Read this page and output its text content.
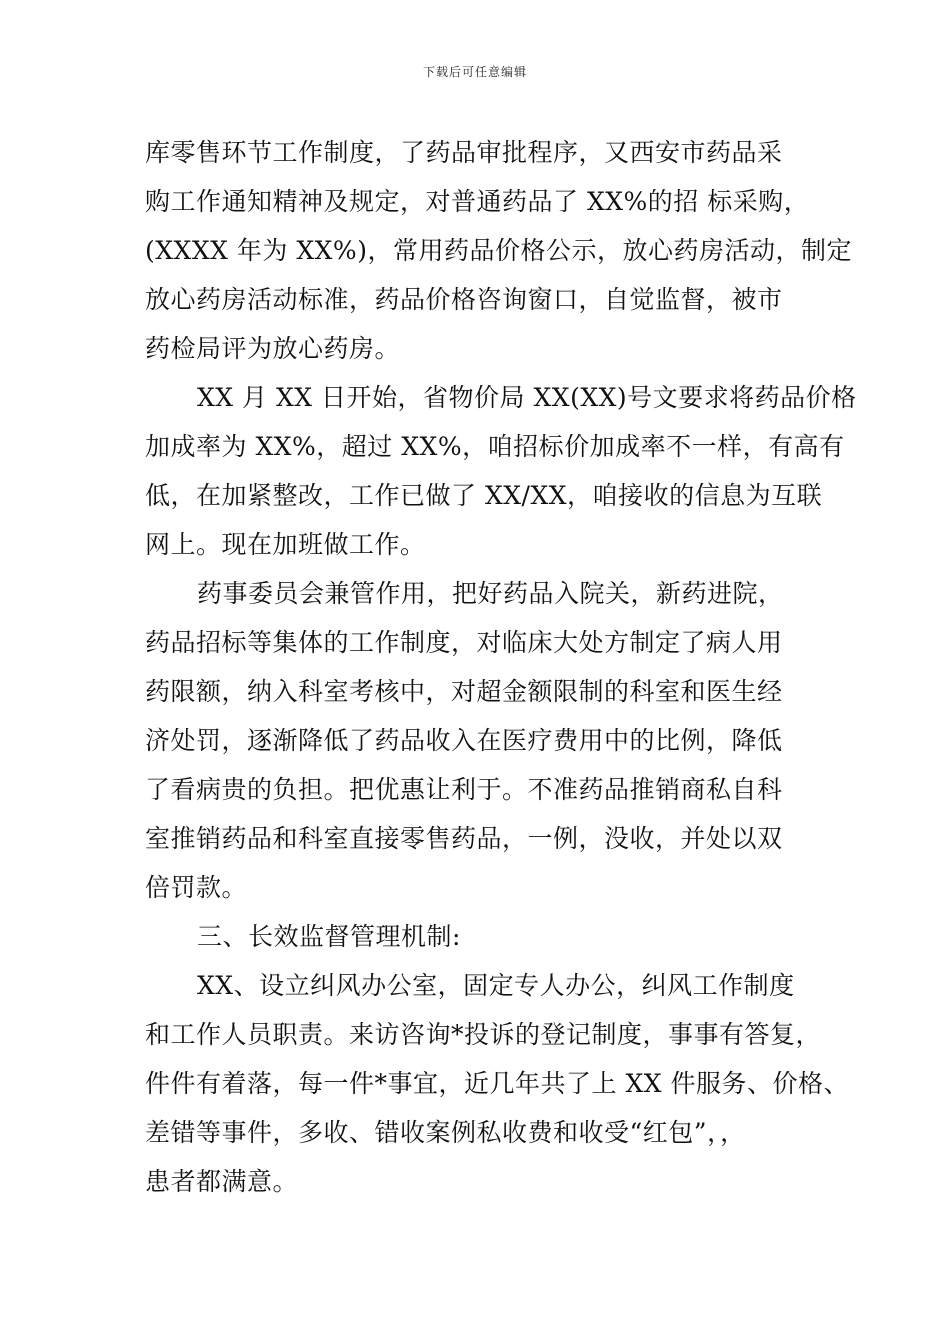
下载后可任意编辑
库零售环节工作制度，了药品审批程序，又西安市药品采
购工作通知精神及规定，对普通药品了 XX%的招 标采购，
(XXXX 年为 XX%)，常用药品价格公示，放心药房活动，制定
放心药房活动标准，药品价格咨询窗口，自觉监督，被市
药检局评为放心药房。
XX 月 XX 日开始，省物价局 XX(XX)号文要求将药品价格
加成率为 XX%，超过 XX%，咱招标价加成率不一样，有高有
低，在加紧整改，工作已做了 XX/XX，咱接收的信息为互联
网上。现在加班做工作。
药事委员会兼管作用，把好药品入院关，新药进院，
药品招标等集体的工作制度，对临床大处方制定了病人用
药限额，纳入科室考核中，对超金额限制的科室和医生经
济处罚，逐渐降低了药品收入在医疗费用中的比例，降低
了看病贵的负担。把优惠让利于。不准药品推销商私自科
室推销药品和科室直接零售药品，一例，没收，并处以双
倍罚款。
三、长效监督管理机制:
XX、设立纠风办公室，固定专人办公，纠风工作制度
和工作人员职责。来访咨询*投诉的登记制度，事事有答复，
件件有着落，每一件*事宜，近几年共了上 XX 件服务、价格、
差错等事件，多收、错收案例私收费和收受“红包”，，
患者都满意。
